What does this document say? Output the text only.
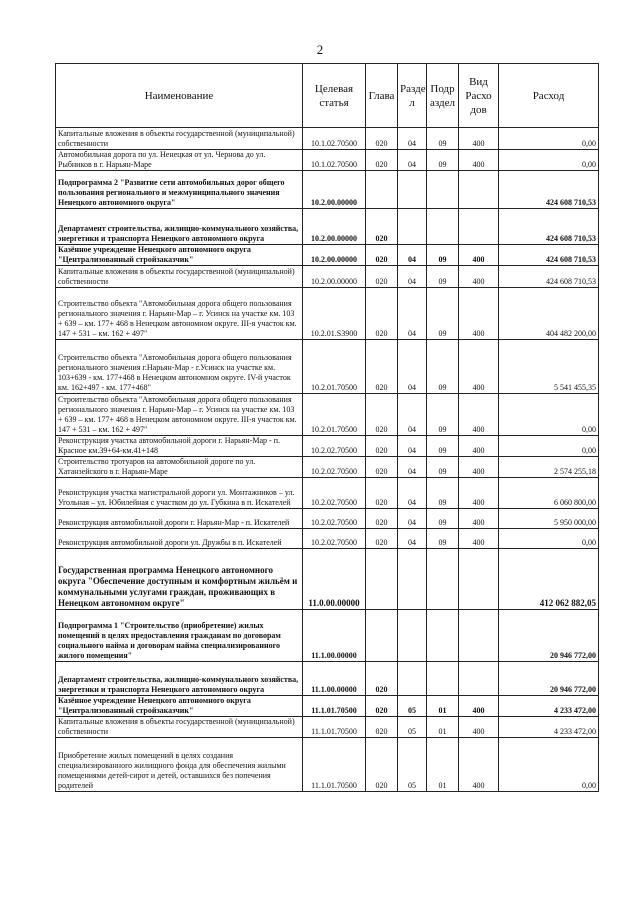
2
Наименование	Целевая статья	Глава	Разде л	Подр аздел	Вид Расхо дов	Расход
Капитальные вложения в объекты государственной (муниципальной) собственности	10.1.02.70500	020	04	09	400	0,00
Автомобильная дорога по ул. Ненецкая от ул. Чернова до ул. Рыбников в г. Нарьян-Маре	10.1.02.70500	020	04	09	400	0,00
Подпрограмма 2 "Развитие сети автомобильных дорог общего пользования регионального и межмуниципального значения Ненецкого автономного округа"	10.2.00.00000					424 608 710,53
Департамент строительства, жилищно-коммунального хозяйства, энергетики и транспорта Ненецкого автономного округа	10.2.00.00000	020				424 608 710,53
Казённое учреждение Ненецкого автономного округа "Централизованный стройзаказчик"	10.2.00.00000	020	04	09	400	424 608 710,53
Капитальные вложения в объекты государственной (муниципальной) собственности	10.2.00.00000	020	04	09	400	424 608 710,53
Строительство объекта "Автомобильная дорога общего пользования регионального значения г. Нарьян-Мар – г. Усинск на участке км. 103 + 639 – км. 177+ 468 в Ненецком автономном округе. III-я участок км. 147 + 531 – км. 162 + 497"	10.2.01.S3900	020	04	09	400	404 482 200,00
Строительство объекта "Автомобильная дорога общего пользования регионального значения г.Нарьян-Мар - г.Усинск на участке км. 103+639 - км. 177+468 в Ненецком автономном округе. IV-й участок км. 162+497 - км. 177+468"	10.2.01.70500	020	04	09	400	5 541 455,35
Строительство объекта "Автомобильная дорога общего пользования регионального значения г. Нарьян-Мар – г. Усинск на участке км. 103 + 639 – км. 177+ 468 в Ненецком автономном округе. III-я участок км. 147 + 531 – км. 162 + 497"	10.2.01.70500	020	04	09	400	0,00
Реконструкция участка автомобильной дороги г. Нарьян-Мар - п. Красное км.39+64-км.41+148	10.2.02.70500	020	04	09	400	0,00
Строительство тротуаров на автомобильной дороге по ул. Хатанзейского в г. Нарьян-Маре	10.2.02.70500	020	04	09	400	2 574 255,18
Реконструкция участка магистральной дороги ул. Монтажников – ул. Угольная – ул. Юбилейная с участком до ул. Губкина в п. Искателей	10.2.02.70500	020	04	09	400	6 060 800,00
Реконструкция автомобильной дороги г. Нарьян-Мар - п. Искателей	10.2.02.70500	020	04	09	400	5 950 000,00
Реконструкция автомобильной дороги ул. Дружбы в п. Искателей	10.2.02.70500	020	04	09	400	0,00
Государственная программа Ненецкого автономного округа "Обеспечение доступным и комфортным жильём и коммунальными услугами граждан, проживающих в Ненецком автономном округе"	11.0.00.00000					412 062 882,05
Подпрограмма 1 "Строительство (приобретение) жилых помещений в целях предоставления гражданам по договорам социального найма и договорам найма специализированного жилого помещения"	11.1.00.00000					20 946 772,00
Департамент строительства, жилищно-коммунального хозяйства, энергетики и транспорта Ненецкого автономного округа	11.1.00.00000	020				20 946 772,00
Казённое учреждение Ненецкого автономного округа "Централизованный стройзаказчик"	11.1.01.70500	020	05	01	400	4 233 472,00
Капитальные вложения в объекты государственной (муниципальной) собственности	11.1.01.70500	020	05	01	400	4 233 472,00
Приобретение жилых помещений в целях создания специализированного жилищного фонда для обеспечения жилыми помещениями детей-сирот и детей, оставшихся без попечения родителей	11.1.01.70500	020	05	01	400	0,00
